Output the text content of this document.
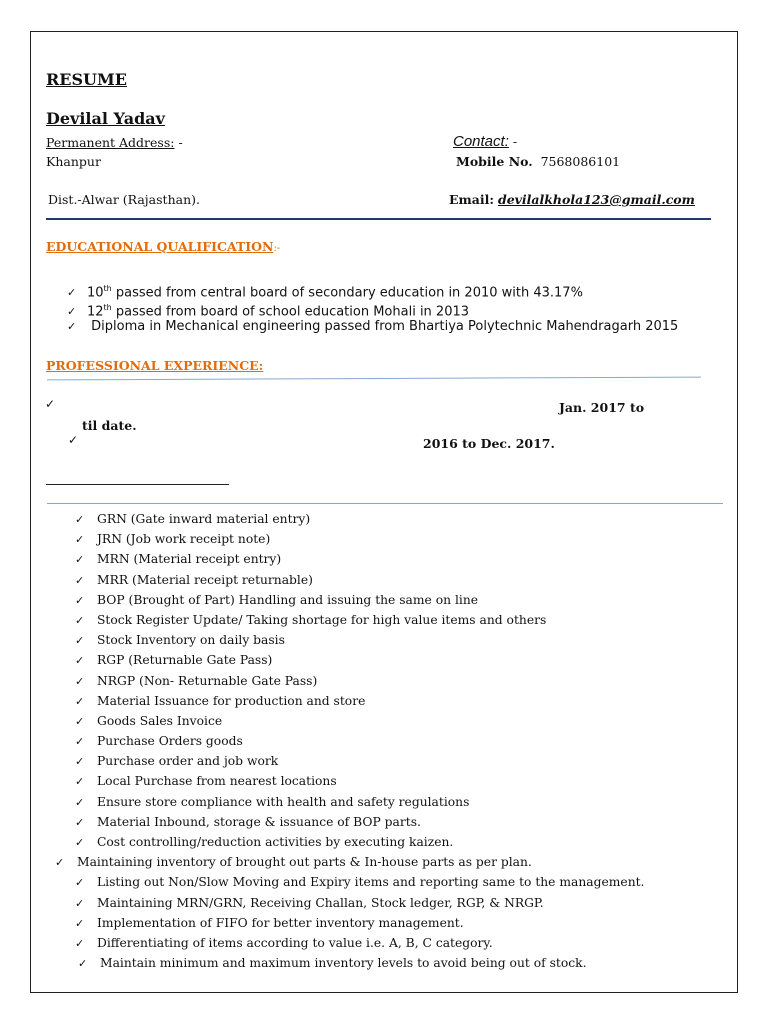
RESUME
Devilal Yadav
Permanent Address: -
Khanpur
Dist.-Alwar (Rajasthan).
Contact: -
Mobile No. 7568086101
Email: devilalkhola123@gmail.com
EDUCATIONAL QUALIFICATION:-
✓ 10th passed from central board of secondary education in 2010 with 43.17%
✓ 12th passed from board of school education Mohali in 2013
✓ Diploma in Mechanical engineering passed from Bhartiya Polytechnic Mahendragarh 2015
PROFESSIONAL EXPERIENCE:
✓	Jan. 2017 to
til date.
✓	2016 to Dec. 2017.
✓ GRN (Gate inward material entry)
✓ JRN (Job work receipt note)
✓ MRN (Material receipt entry)
✓ MRR (Material receipt returnable)
✓ BOP (Brought of Part) Handling and issuing the same on line
✓ Stock Register Update/ Taking shortage for high value items and others
✓ Stock Inventory on daily basis
✓ RGP (Returnable Gate Pass)
✓ NRGP (Non- Returnable Gate Pass)
✓ Material Issuance for production and store
✓ Goods Sales Invoice
✓ Purchase Orders goods
✓ Purchase order and job work
✓ Local Purchase from nearest locations
✓ Ensure store compliance with health and safety regulations
✓ Material Inbound, storage & issuance of BOP parts.
✓ Cost controlling/reduction activities by executing kaizen.
✓ Maintaining inventory of brought out parts & In-house parts as per plan.
✓ Listing out Non/Slow Moving and Expiry items and reporting same to the management.
✓ Maintaining MRN/GRN, Receiving Challan, Stock ledger, RGP, & NRGP.
✓ Implementation of FIFO for better inventory management.
✓ Differentiating of items according to value i.e. A, B, C category.
✓ Maintain minimum and maximum inventory levels to avoid being out of stock.
